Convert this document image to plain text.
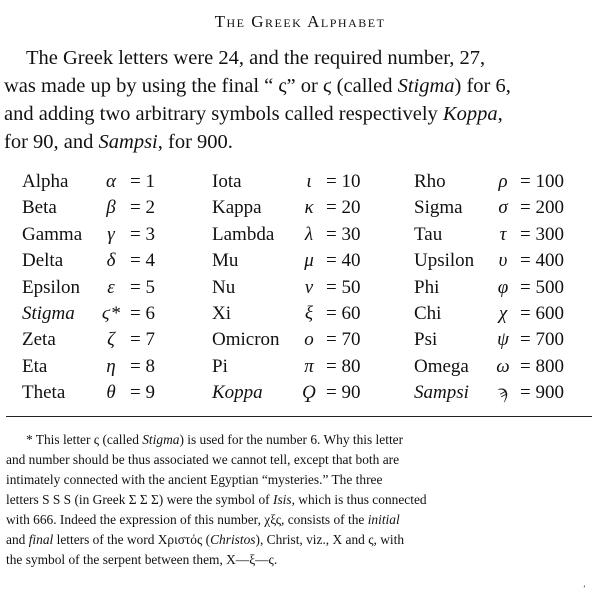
The Greek Alphabet
The Greek letters were 24, and the required number, 27,
was made up by using the final “ ς” or ϛ (called Stigma) for 6,
and adding two arbitrary symbols called respectively Koppa,
for 90, and Sampsi, for 900.
Alpha	α = 1	Iota	ι = 10	Rho	ρ = 100
Beta	β = 2	Kappa	κ = 20	Sigma	σ = 200
Gamma	γ = 3	Lambda	λ = 30	Tau	τ = 300
Delta	δ = 4	Mu	μ = 40	Upsilon	υ = 400
Epsilon	ε = 5	Nu	ν = 50	Phi	φ = 500
Stigma ϛ* = 6	Xi	ξ = 60	Chi	χ = 600
Zeta	ζ = 7	Omicron	ο = 70	Psi	ψ = 700
Eta	η = 8	Pi	π = 80	Omega ω = 800
Theta	θ = 9	Koppa Ϙ = 90	Sampsi	ϡ = 900
* This letter ς (called Stigma) is used for the number 6. Why this letter
and number should be thus associated we cannot tell, except that both are
intimately connected with the ancient Egyptian “mysteries.” The three
letters S S S (in Greek Σ Σ Σ) were the symbol of Isis, which is thus connected
with 666. Indeed the expression of this number, χξς, consists of the initial
and final letters of the word Χριστός (Christos), Christ, viz., X and ς, with
the symbol of the serpent between them, X—ξ—ς.
’
